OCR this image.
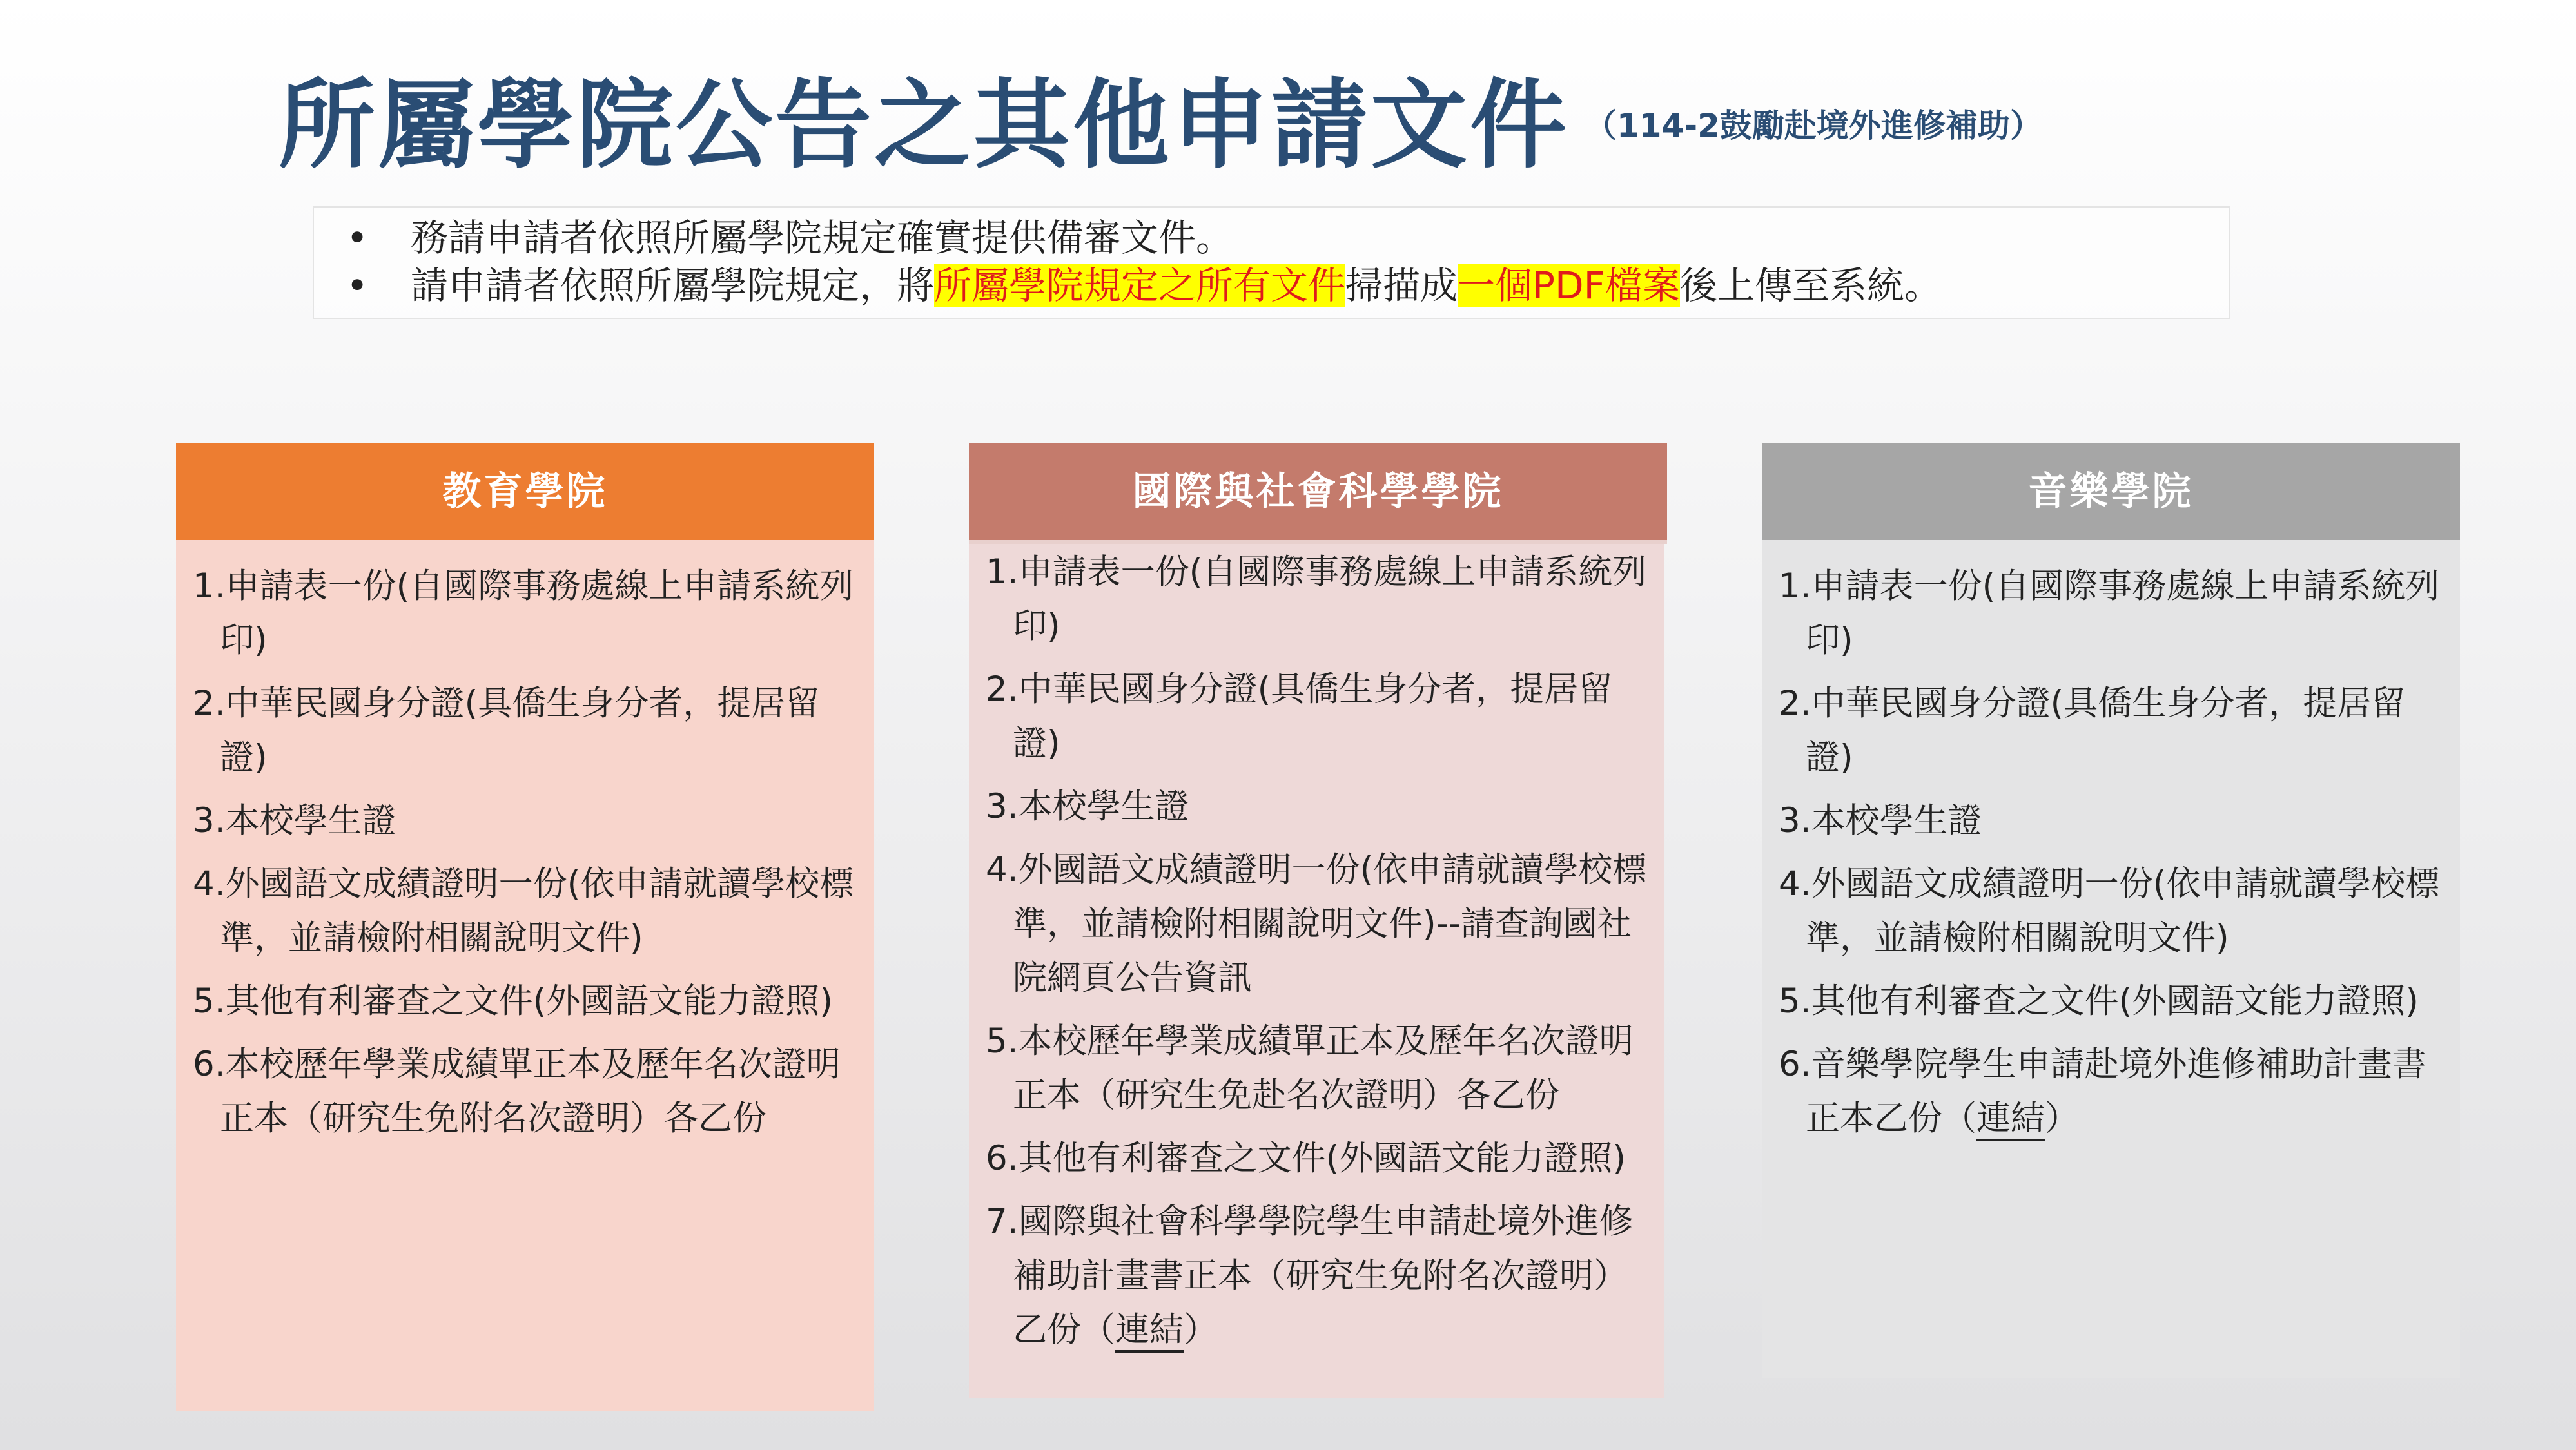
所屬學院公告之其他申請文件 （114-2鼓勵赴境外進修補助）
• 務請申請者依照所屬學院規定確實提供備審文件。
• 請申請者依照所屬學院規定，將所屬學院規定之所有文件掃描成一個PDF檔案後上傳至系統。
教育學院
1.申請表一份(自國際事務處線上申請系統列印)
2.中華民國身分證(具僑生身分者，提居留證)
3.本校學生證
4.外國語文成績證明一份(依申請就讀學校標準，並請檢附相關說明文件)
5.其他有利審查之文件(外國語文能力證照)
6.本校歷年學業成績單正本及歷年名次證明正本（研究生免附名次證明）各乙份
國際與社會科學學院
1.申請表一份(自國際事務處線上申請系統列印)
2.中華民國身分證(具僑生身分者，提居留證)
3.本校學生證
4.外國語文成績證明一份(依申請就讀學校標準，並請檢附相關說明文件)--請查詢國社院網頁公告資訊
5.本校歷年學業成績單正本及歷年名次證明正本（研究生免赴名次證明）各乙份
6.其他有利審查之文件(外國語文能力證照)
7.國際與社會科學學院學生申請赴境外進修補助計畫書正本（研究生免附名次證明）乙份（連結）
音樂學院
1.申請表一份(自國際事務處線上申請系統列印)
2.中華民國身分證(具僑生身分者，提居留證)
3.本校學生證
4.外國語文成績證明一份(依申請就讀學校標準，並請檢附相關說明文件)
5.其他有利審查之文件(外國語文能力證照)
6.音樂學院學生申請赴境外進修補助計畫書正本乙份（連結）
